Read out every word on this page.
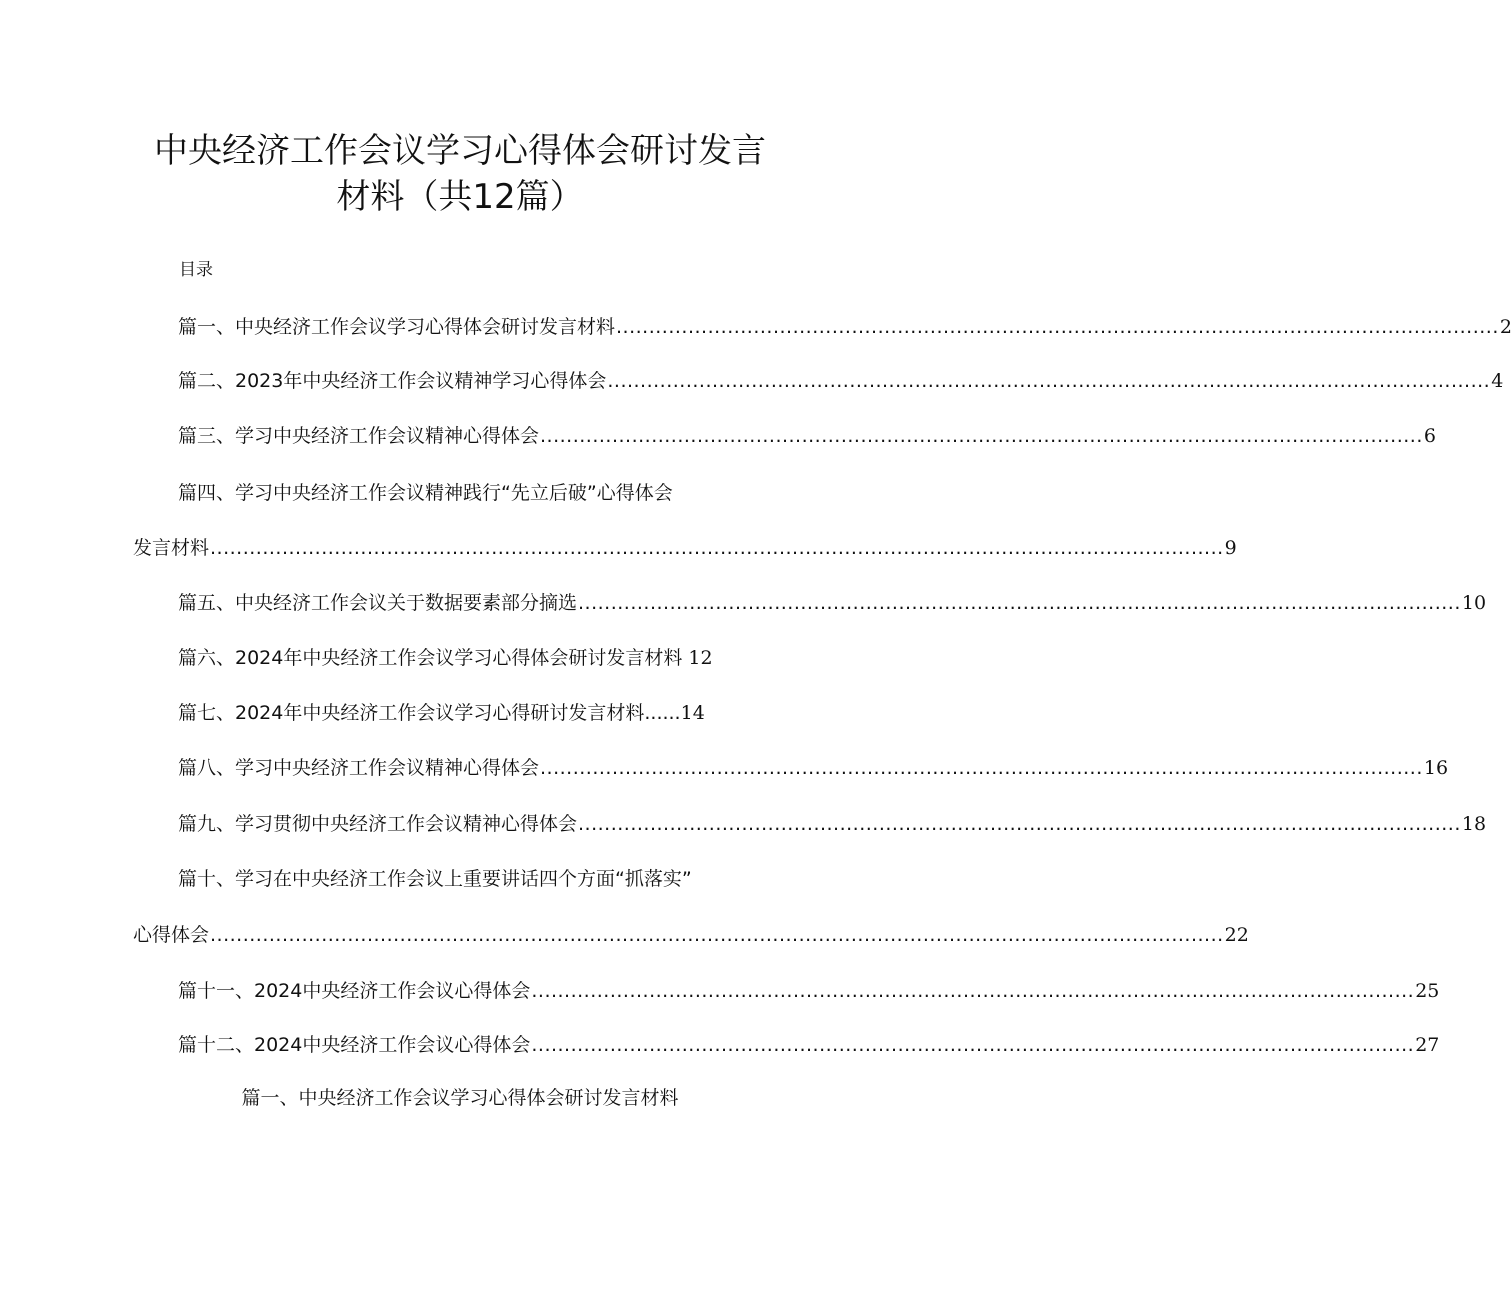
中央经济工作会议学习心得体会研讨发言
材料（共12篇）
目录
篇一、中央经济工作会议学习心得体会研讨发言材料 ....................................................................................................................................... 2
篇二、2023年中央经济工作会议精神学习心得体会 ....................................................................................................................................... 4
篇三、学习中央经济工作会议精神心得体会 ....................................................................................................................................... 6
篇四、学习中央经济工作会议精神践行“先立后破”心得体会
发言材料 ........................................................................................................................................................... 9
篇五、中央经济工作会议关于数据要素部分摘选 ....................................................................................................................................... 10
篇六、2024年中央经济工作会议学习心得体会研讨发言材料 12
篇七、2024年中央经济工作会议学习心得研讨发言材料......14
篇八、学习中央经济工作会议精神心得体会 ....................................................................................................................................... 16
篇九、学习贯彻中央经济工作会议精神心得体会 ....................................................................................................................................... 18
篇十、学习在中央经济工作会议上重要讲话四个方面“抓落实”
心得体会 ........................................................................................................................................................... 22
篇十一、2024中央经济工作会议心得体会 ....................................................................................................................................... 25
篇十二、2024中央经济工作会议心得体会 ....................................................................................................................................... 27
篇一、中央经济工作会议学习心得体会研讨发言材料
